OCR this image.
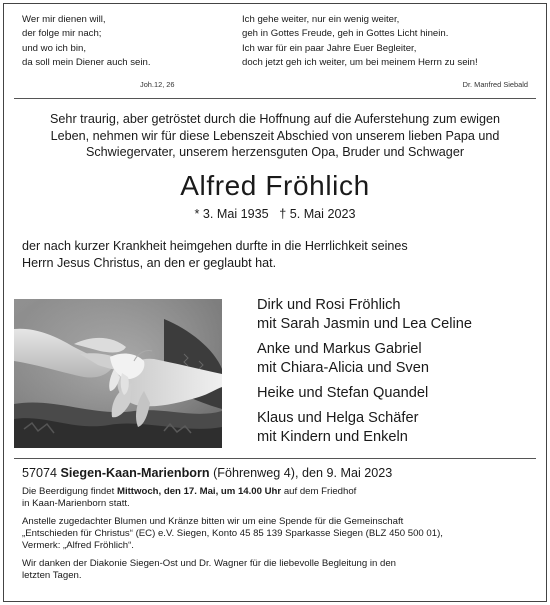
Wer mir dienen will,
der folge mir nach;
und wo ich bin,
da soll mein Diener auch sein.
Joh.12, 26
Ich gehe weiter, nur ein wenig weiter,
geh in Gottes Freude, geh in Gottes Licht hinein.
Ich war für ein paar Jahre Euer Begleiter,
doch jetzt geh ich weiter, um bei meinem Herrn zu sein!
Dr. Manfred Siebald
Sehr traurig, aber getröstet durch die Hoffnung auf die Auferstehung zum ewigen
Leben, nehmen wir für diese Lebenszeit Abschied von unserem lieben Papa und
Schwiegervater, unserem herzensguten Opa, Bruder und Schwager
Alfred Fröhlich
* 3. Mai 1935 † 5. Mai 2023
der nach kurzer Krankheit heimgehen durfte in die Herrlichkeit seines
Herrn Jesus Christus, an den er geglaubt hat.
Dirk und Rosi Fröhlich
mit Sarah Jasmin und Lea Celine
Anke und Markus Gabriel
mit Chiara-Alicia und Sven
Heike und Stefan Quandel
Klaus und Helga Schäfer
mit Kindern und Enkeln
57074 Siegen-Kaan-Marienborn (Föhrenweg 4), den 9. Mai 2023
Die Beerdigung findet Mittwoch, den 17. Mai, um 14.00 Uhr auf dem Friedhof
in Kaan-Marienborn statt.
Anstelle zugedachter Blumen und Kränze bitten wir um eine Spende für die Gemeinschaft
„Entschieden für Christus“ (EC) e.V. Siegen, Konto 45 85 139 Sparkasse Siegen (BLZ 450 500 01),
Vermerk: „Alfred Fröhlich“.
Wir danken der Diakonie Siegen-Ost und Dr. Wagner für die liebevolle Begleitung in den
letzten Tagen.
